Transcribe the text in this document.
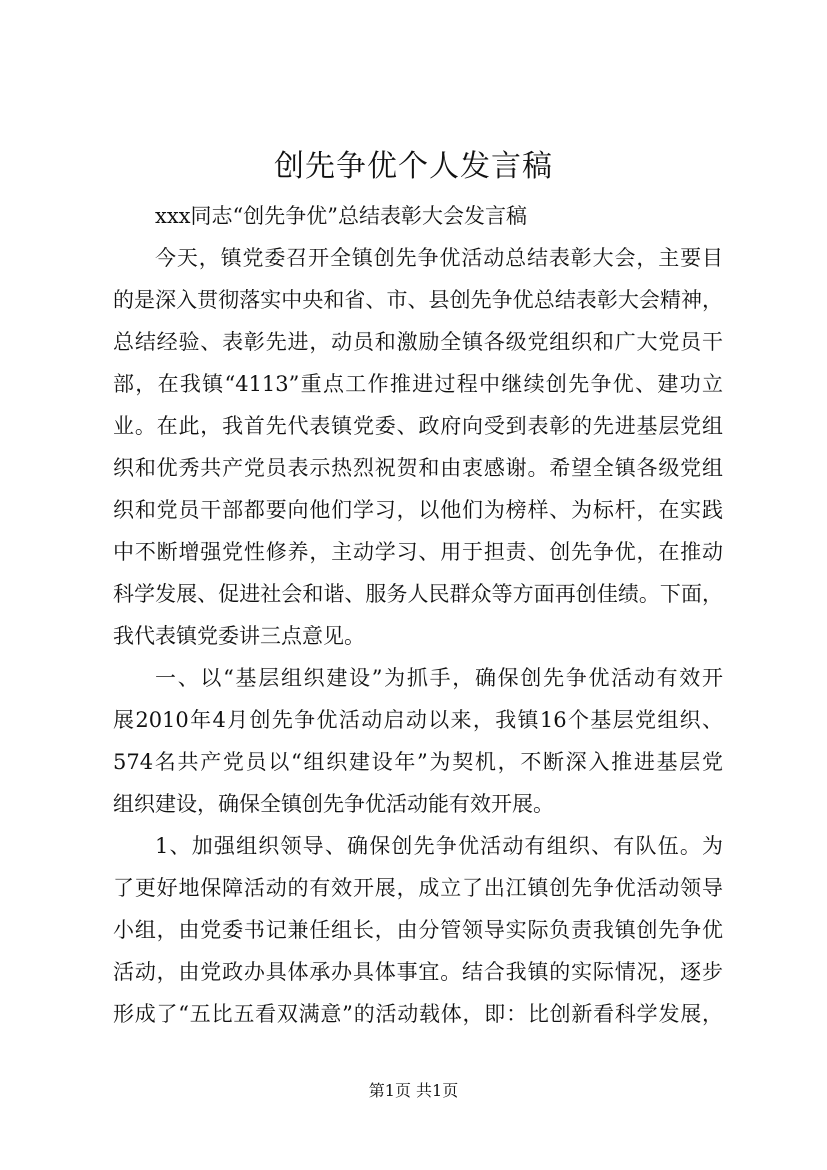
创先争优个人发言稿
xxx同志“创先争优”总结表彰大会发言稿
今天，镇党委召开全镇创先争优活动总结表彰大会，主要目
的是深入贯彻落实中央和省、市、县创先争优总结表彰大会精神，
总结经验、表彰先进，动员和激励全镇各级党组织和广大党员干
部，在我镇“4113”重点工作推进过程中继续创先争优、建功立
业。在此，我首先代表镇党委、政府向受到表彰的先进基层党组
织和优秀共产党员表示热烈祝贺和由衷感谢。希望全镇各级党组
织和党员干部都要向他们学习，以他们为榜样、为标杆，在实践
中不断增强党性修养，主动学习、用于担责、创先争优，在推动
科学发展、促进社会和谐、服务人民群众等方面再创佳绩。下面，
我代表镇党委讲三点意见。
一、以“基层组织建设”为抓手，确保创先争优活动有效开
展2010年4月创先争优活动启动以来，我镇16个基层党组织、
574名共产党员以“组织建设年”为契机，不断深入推进基层党
组织建设，确保全镇创先争优活动能有效开展。
1、加强组织领导、确保创先争优活动有组织、有队伍。为
了更好地保障活动的有效开展，成立了出江镇创先争优活动领导
小组，由党委书记兼任组长，由分管领导实际负责我镇创先争优
活动，由党政办具体承办具体事宜。结合我镇的实际情况，逐步
形成了“五比五看双满意”的活动载体，即：比创新看科学发展，
第1页 共1页
